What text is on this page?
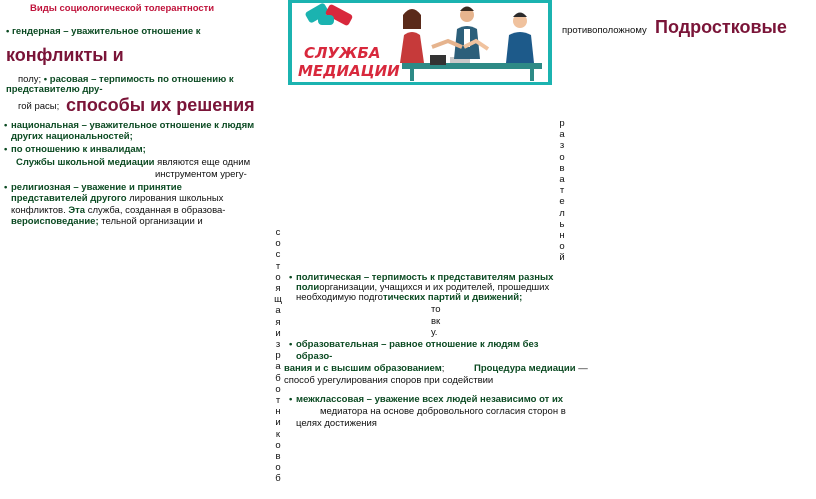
Виды социологической толерантности
• гендерная – уважительное отношение к
конфликты и
полу; • расовая – терпимость по отношению к
представителю дру-
гой расы; способы их решения
• национальная – уважительное отношение к людям
других национальностей;
• по отношению к инвалидам;
Службы школьной медиации являются еще одним
инструментом урегу-
• религиозная – уважение и принятие
представителей другого лирования школьных
конфликтов. Эта служба, созданная в образова-
вероисповедание; тельной организации и
СЛУЖБА
МЕДИАЦИИ
противоположному Подростковые
р
а
з
о
в
а
т
е
л
ь
н
о
й
с
о
с
т
о
я
щ
а
я
и
з
р
а
б
о
т
н
и
к
о
в
о
б
• политическая – терпимость к представителям разных
полиорганизации, учащихся и их родителей, прошедших
необходимую подготических партий и движений;
то
вк
у.
• образовательная – равное отношение к людям без
образо-
вания и с высшим образованием;	Процедура медиации —
способ урегулирования споров при содействии
• межклассовая – уважение всех людей независимо от их
медиатора на основе добровольного согласия сторон в
целях достижения
